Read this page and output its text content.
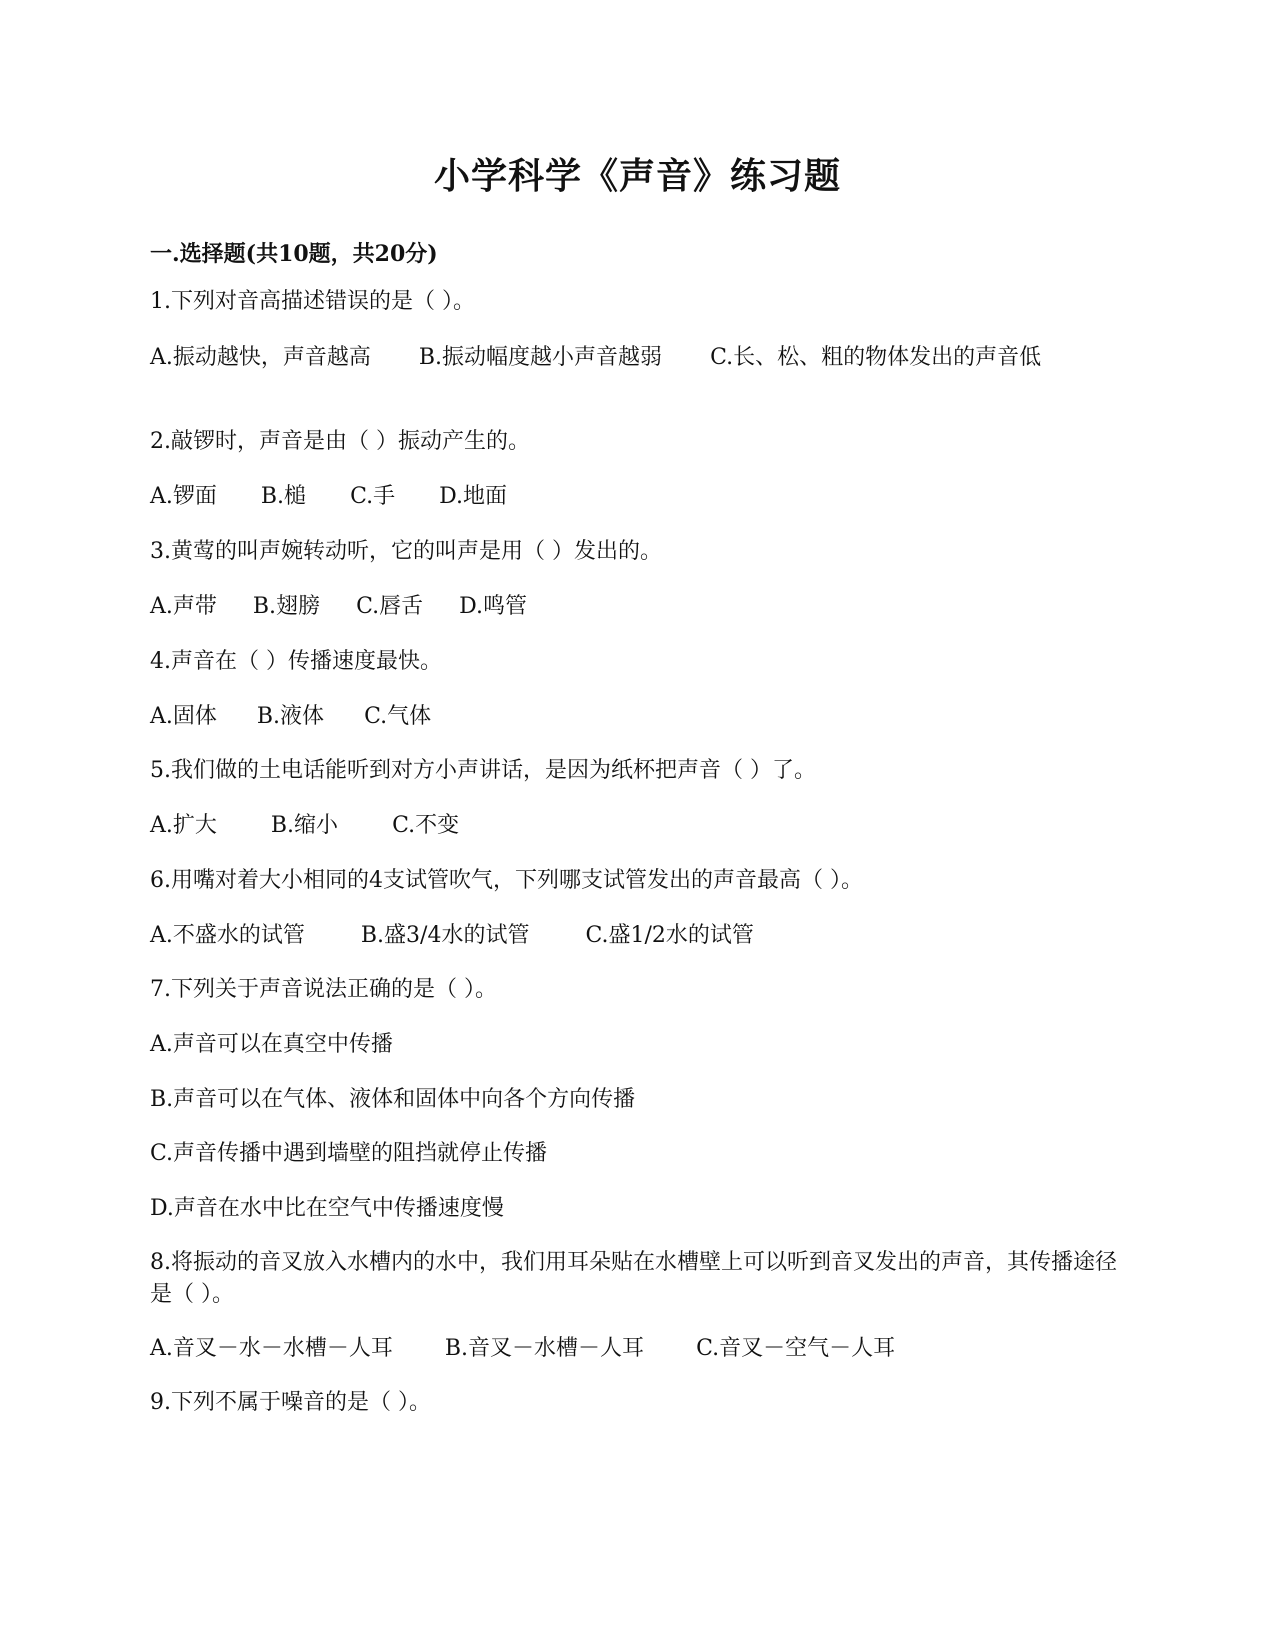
小学科学《声音》练习题
一.选择题(共10题，共20分)
1.下列对音高描述错误的是（ ）。
A.振动越快，声音越高 B.振动幅度越小声音越弱 C.长、松、粗的物体发出的声音低
2.敲锣时，声音是由（ ）振动产生的。
A.锣面 B.槌 C.手 D.地面
3.黄莺的叫声婉转动听，它的叫声是用（ ）发出的。
A.声带 B.翅膀 C.唇舌 D.鸣管
4.声音在（ ）传播速度最快。
A.固体 B.液体 C.气体
5.我们做的土电话能听到对方小声讲话，是因为纸杯把声音（ ）了。
A.扩大 B.缩小 C.不变
6.用嘴对着大小相同的4支试管吹气，下列哪支试管发出的声音最高（ ）。
A.不盛水的试管	B.盛3/4水的试管	C.盛1/2水的试管
7.下列关于声音说法正确的是（ ）。
A.声音可以在真空中传播
B.声音可以在气体、液体和固体中向各个方向传播
C.声音传播中遇到墙壁的阻挡就停止传播
D.声音在水中比在空气中传播速度慢
8.将振动的音叉放入水槽内的水中，我们用耳朵贴在水槽壁上可以听到音叉发出的声音，其传播途径是（ ）。
A.音叉－水－水槽－人耳 B.音叉－水槽－人耳 C.音叉－空气－人耳
9.下列不属于噪音的是（ ）。
